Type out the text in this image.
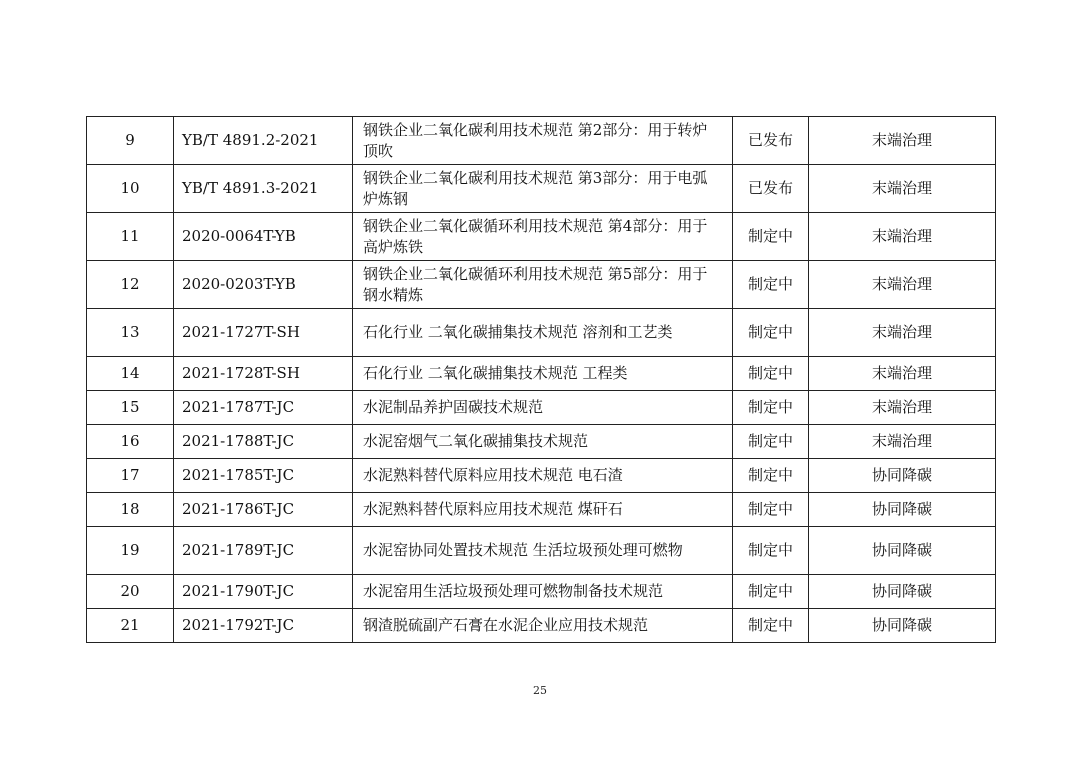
9	YB/T 4891.2-2021	钢铁企业二氧化碳利用技术规范 第2部分：用于转炉顶吹	已发布	末端治理
10	YB/T 4891.3-2021	钢铁企业二氧化碳利用技术规范 第3部分：用于电弧炉炼钢	已发布	末端治理
11	2020-0064T-YB	钢铁企业二氧化碳循环利用技术规范 第4部分：用于高炉炼铁	制定中	末端治理
12	2020-0203T-YB	钢铁企业二氧化碳循环利用技术规范 第5部分：用于钢水精炼	制定中	末端治理
13	2021-1727T-SH	石化行业 二氧化碳捕集技术规范 溶剂和工艺类	制定中	末端治理
14	2021-1728T-SH	石化行业 二氧化碳捕集技术规范 工程类	制定中	末端治理
15	2021-1787T-JC	水泥制品养护固碳技术规范	制定中	末端治理
16	2021-1788T-JC	水泥窑烟气二氧化碳捕集技术规范	制定中	末端治理
17	2021-1785T-JC	水泥熟料替代原料应用技术规范 电石渣	制定中	协同降碳
18	2021-1786T-JC	水泥熟料替代原料应用技术规范 煤矸石	制定中	协同降碳
19	2021-1789T-JC	水泥窑协同处置技术规范 生活垃圾预处理可燃物	制定中	协同降碳
20	2021-1790T-JC	水泥窑用生活垃圾预处理可燃物制备技术规范	制定中	协同降碳
21	2021-1792T-JC	钢渣脱硫副产石膏在水泥企业应用技术规范	制定中	协同降碳
25
